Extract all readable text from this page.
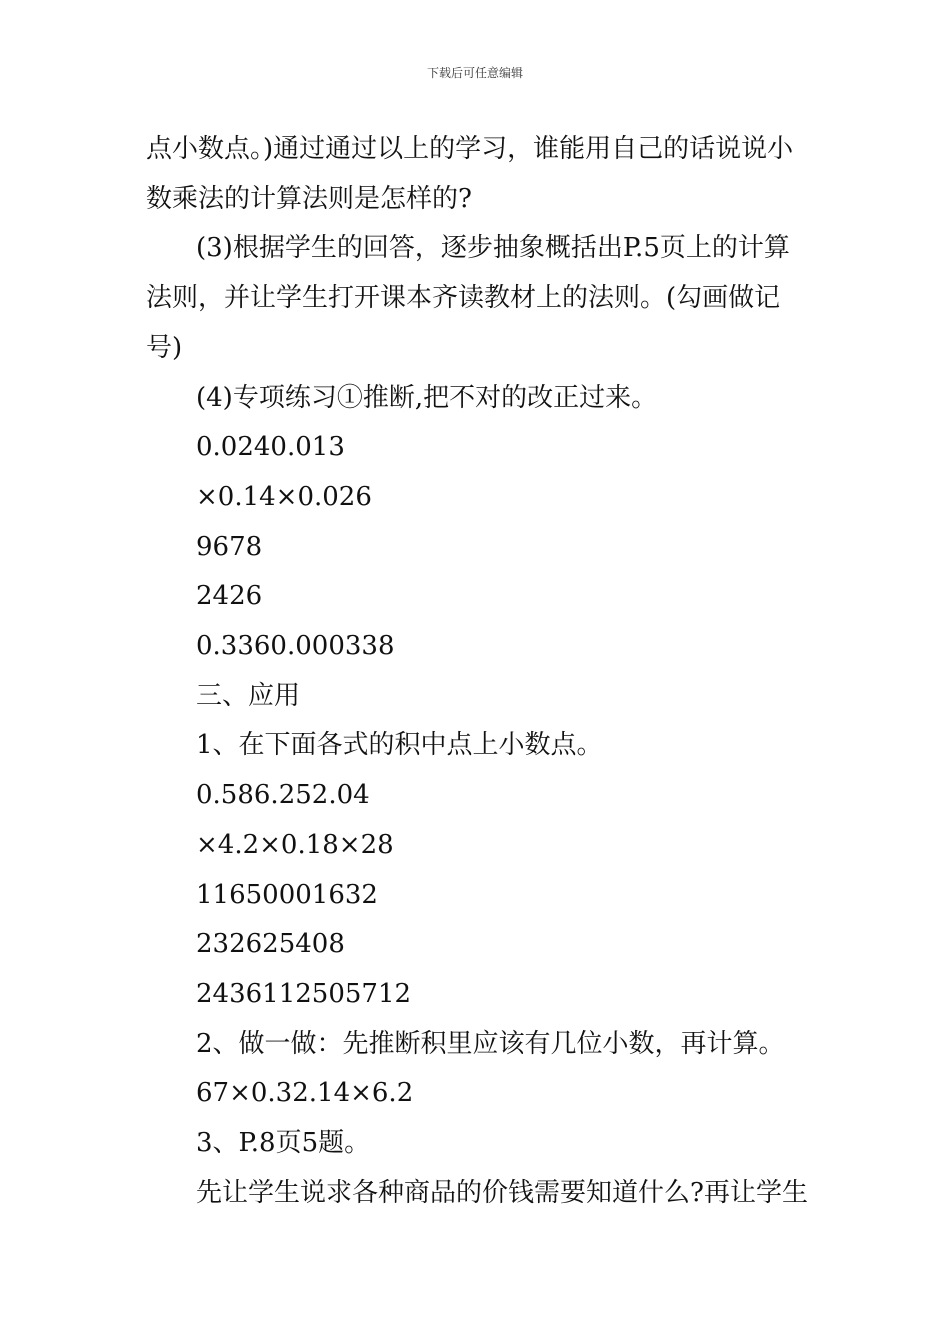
下载后可任意编辑
点小数点。)通过通过以上的学习，谁能用自己的话说说小
数乘法的计算法则是怎样的?
(3)根据学生的回答，逐步抽象概括出P.5页上的计算
法则，并让学生打开课本齐读教材上的法则。(勾画做记
号)
(4)专项练习①推断,把不对的改正过来。
0.0240.013
×0.14×0.026
9678
2426
0.3360.000338
三、应用
1、在下面各式的积中点上小数点。
0.586.252.04
×4.2×0.18×28
11650001632
232625408
2436112505712
2、做一做：先推断积里应该有几位小数，再计算。
67×0.32.14×6.2
3、P.8页5题。
先让学生说求各种商品的价钱需要知道什么?再让学生
